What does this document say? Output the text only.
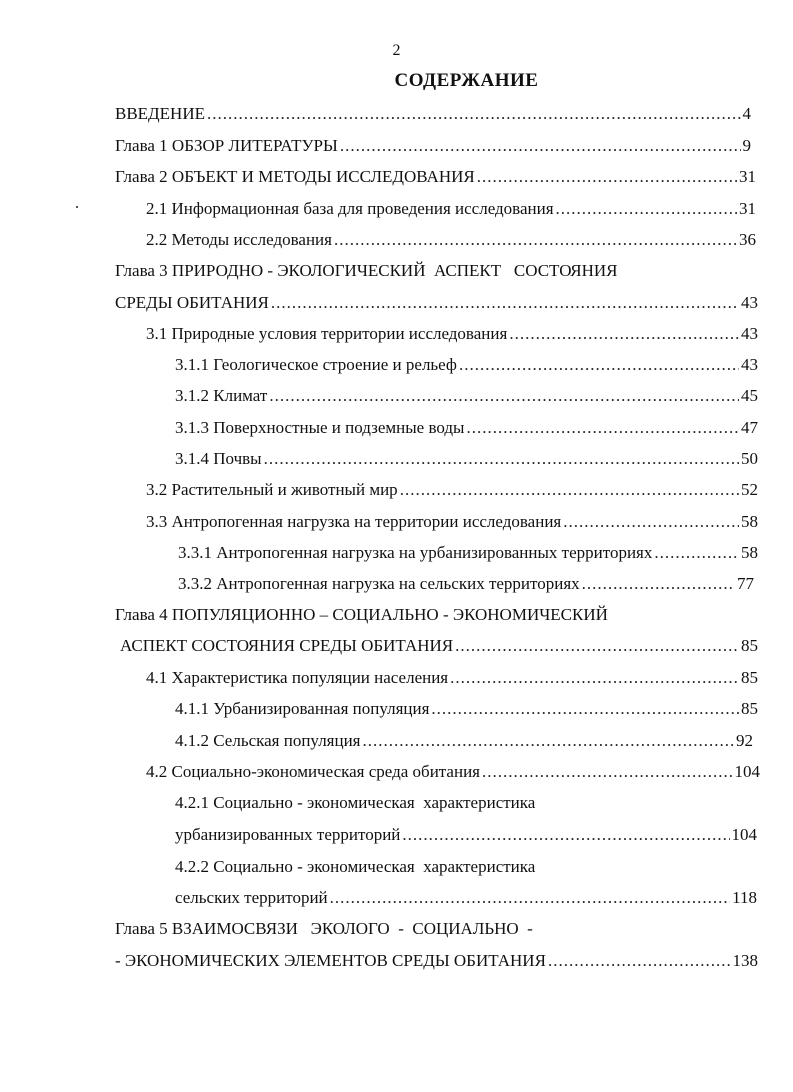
2
СОДЕРЖАНИЕ
ВВЕДЕНИЕ .....	4
Глава 1 ОБЗОР ЛИТЕРАТУРЫ .....	9
Глава 2 ОБЪЕКТ И МЕТОДЫ ИССЛЕДОВАНИЯ .....	31
2.1 Информационная база для проведения исследования .....	31
2.2 Методы исследования .....	36
Глава 3 ПРИРОДНО - ЭКОЛОГИЧЕСКИЙ  АСПЕКТ   СОСТОЯНИЯ
СРЕДЫ ОБИТАНИЯ .....	43
3.1 Природные условия территории исследования .....	43
3.1.1 Геологическое строение и рельеф .....	43
3.1.2 Климат .....	45
3.1.3 Поверхностные и подземные воды .....	47
3.1.4 Почвы .....	50
3.2 Растительный и животный мир .....	52
3.3 Антропогенная нагрузка на территории исследования .....	58
3.3.1 Антропогенная нагрузка на урбанизированных территориях .....	58
3.3.2 Антропогенная нагрузка на сельских территориях .....	77
Глава 4 ПОПУЛЯЦИОННО – СОЦИАЛЬНО - ЭКОНОМИЧЕСКИЙ
АСПЕКТ СОСТОЯНИЯ СРЕДЫ ОБИТАНИЯ .....	85
4.1 Характеристика популяции населения .....	85
4.1.1 Урбанизированная популяция .....	85
4.1.2 Сельская популяция .....	92
4.2 Социально-экономическая среда обитания .....	104
4.2.1 Социально - экономическая  характеристика
урбанизированных территорий .....	104
4.2.2 Социально - экономическая  характеристика
сельских территорий .....	118
Глава 5 ВЗАИМОСВЯЗИ   ЭКОЛОГО  -  СОЦИАЛЬНО  -
- ЭКОНОМИЧЕСКИХ ЭЛЕМЕНТОВ СРЕДЫ ОБИТАНИЯ .....	138
